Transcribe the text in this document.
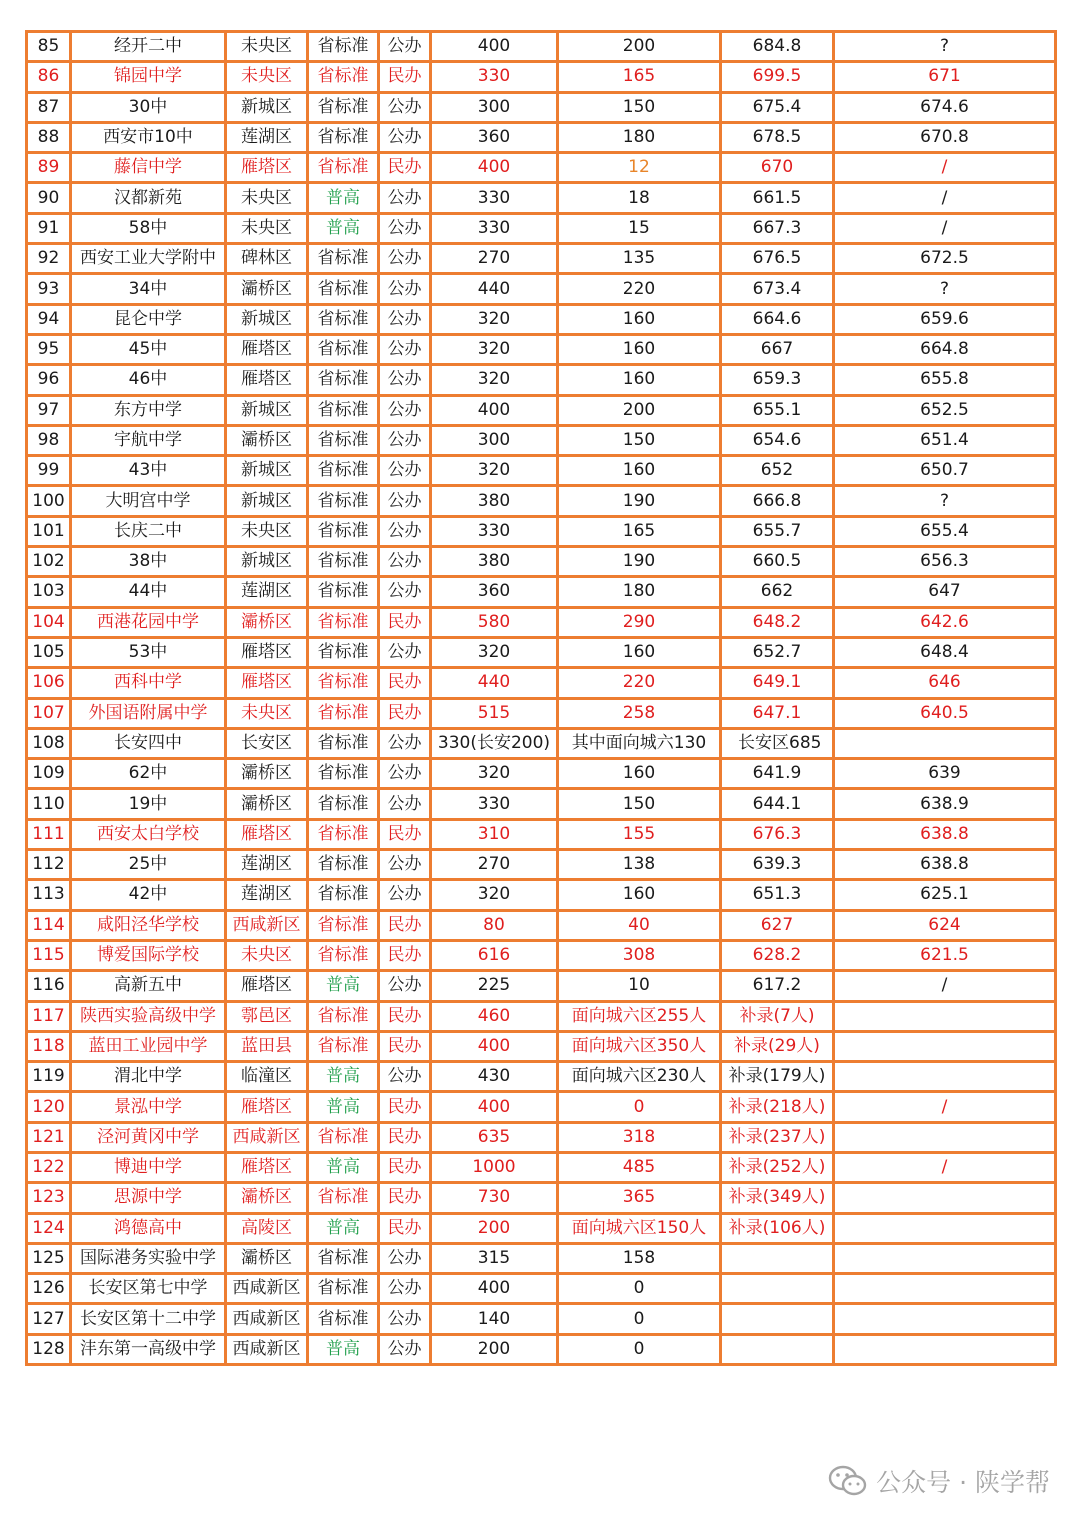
85	经开二中	未央区	省标准	公办	400	200	684.8	?
86	锦园中学	未央区	省标准	民办	330	165	699.5	671
87	30中	新城区	省标准	公办	300	150	675.4	674.6
88	西安市10中	莲湖区	省标准	公办	360	180	678.5	670.8
89	藤信中学	雁塔区	省标准	民办	400	12	670	/
90	汉都新苑	未央区	普高	公办	330	18	661.5	/
91	58中	未央区	普高	公办	330	15	667.3	/
92	西安工业大学附中	碑林区	省标准	公办	270	135	676.5	672.5
93	34中	灞桥区	省标准	公办	440	220	673.4	?
94	昆仑中学	新城区	省标准	公办	320	160	664.6	659.6
95	45中	雁塔区	省标准	公办	320	160	667	664.8
96	46中	雁塔区	省标准	公办	320	160	659.3	655.8
97	东方中学	新城区	省标准	公办	400	200	655.1	652.5
98	宇航中学	灞桥区	省标准	公办	300	150	654.6	651.4
99	43中	新城区	省标准	公办	320	160	652	650.7
100	大明宫中学	新城区	省标准	公办	380	190	666.8	?
101	长庆二中	未央区	省标准	公办	330	165	655.7	655.4
102	38中	新城区	省标准	公办	380	190	660.5	656.3
103	44中	莲湖区	省标准	公办	360	180	662	647
104	西港花园中学	灞桥区	省标准	民办	580	290	648.2	642.6
105	53中	雁塔区	省标准	公办	320	160	652.7	648.4
106	西科中学	雁塔区	省标准	民办	440	220	649.1	646
107	外国语附属中学	未央区	省标准	民办	515	258	647.1	640.5
108	长安四中	长安区	省标准	公办	330(长安200)	其中面向城六130	长安区685	
109	62中	灞桥区	省标准	公办	320	160	641.9	639
110	19中	灞桥区	省标准	公办	330	150	644.1	638.9
111	西安太白学校	雁塔区	省标准	民办	310	155	676.3	638.8
112	25中	莲湖区	省标准	公办	270	138	639.3	638.8
113	42中	莲湖区	省标准	公办	320	160	651.3	625.1
114	咸阳泾华学校	西咸新区	省标准	民办	80	40	627	624
115	博爱国际学校	未央区	省标准	民办	616	308	628.2	621.5
116	高新五中	雁塔区	普高	公办	225	10	617.2	/
117	陕西实验高级中学	鄠邑区	省标准	民办	460	面向城六区255人	补录(7人)	
118	蓝田工业园中学	蓝田县	省标准	民办	400	面向城六区350人	补录(29人)	
119	渭北中学	临潼区	普高	公办	430	面向城六区230人	补录(179人)	
120	景泓中学	雁塔区	普高	民办	400	0	补录(218人)	/
121	泾河黄冈中学	西咸新区	省标准	民办	635	318	补录(237人)	
122	博迪中学	雁塔区	普高	民办	1000	485	补录(252人)	/
123	思源中学	灞桥区	省标准	民办	730	365	补录(349人)	
124	鸿德高中	高陵区	普高	民办	200	面向城六区150人	补录(106人)	
125	国际港务实验中学	灞桥区	省标准	公办	315	158		
126	长安区第七中学	西咸新区	省标准	公办	400	0		
127	长安区第十二中学	西咸新区	省标准	公办	140	0		
128	沣东第一高级中学	西咸新区	普高	公办	200	0		
公众号 · 陕学帮
